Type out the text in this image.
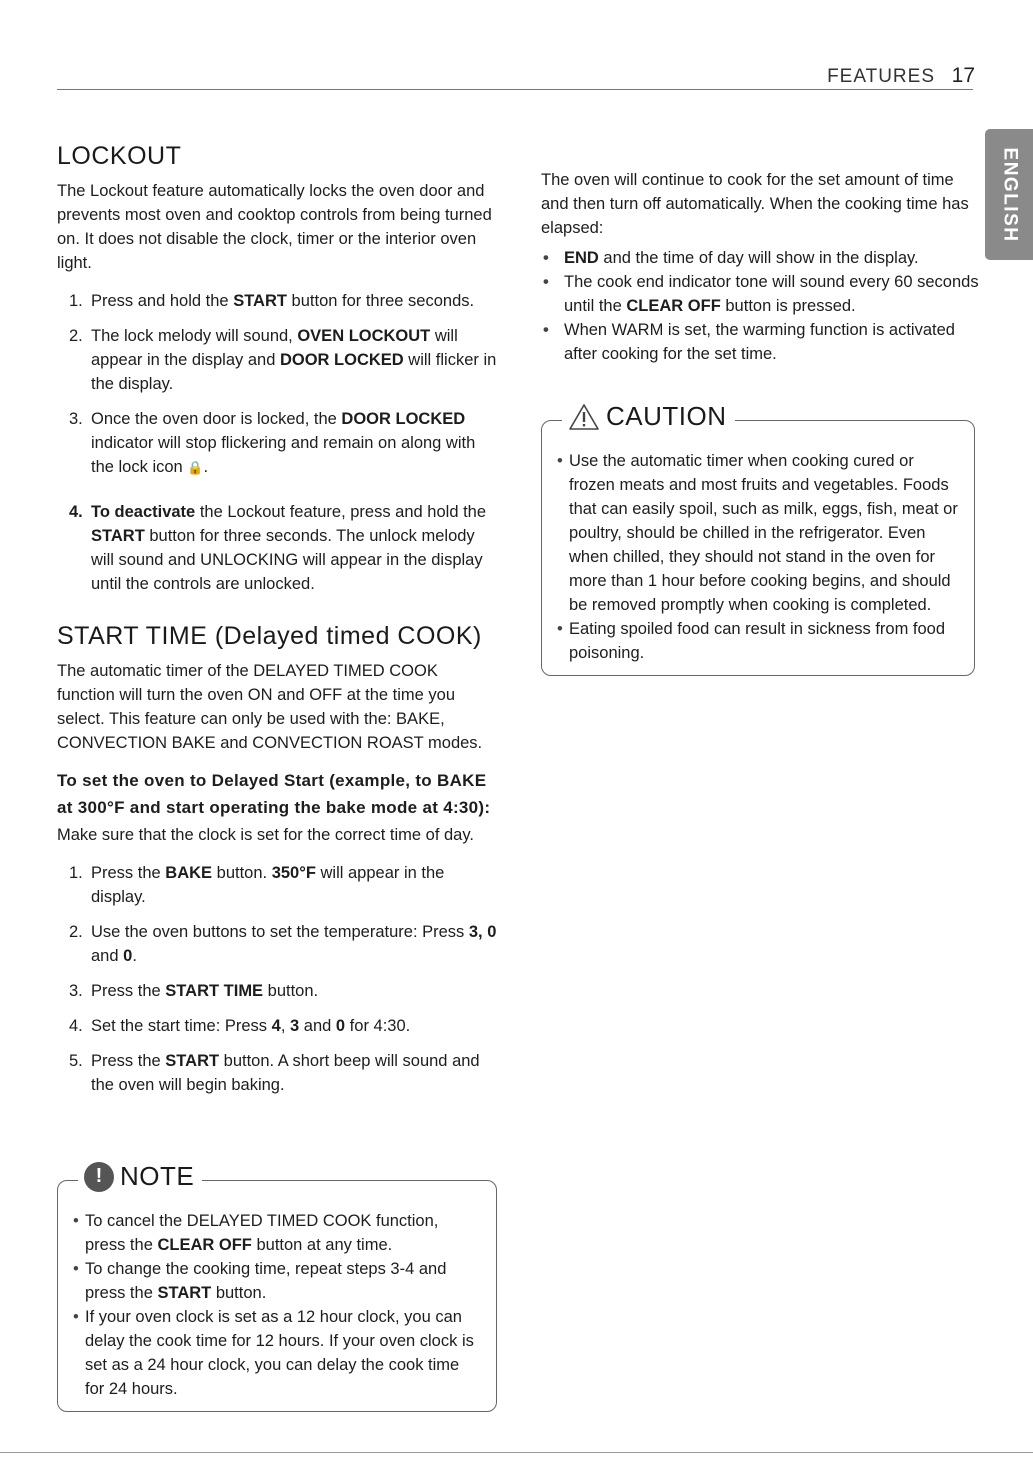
FEATURES 17
ENGLISH
LOCKOUT

The Lockout feature automatically locks the oven door and prevents most oven and cooktop controls from being turned on. It does not disable the clock, timer or the interior oven light.

1. Press and hold the START button for three seconds.
2. The lock melody will sound, OVEN LOCKOUT will appear in the display and DOOR LOCKED will flicker in the display.
3. Once the oven door is locked, the DOOR LOCKED indicator will stop flickering and remain on along with the lock icon 🔒.
4. To deactivate the Lockout feature, press and hold the START button for three seconds. The unlock melody will sound and UNLOCKING will appear in the display until the controls are unlocked.
START TIME (Delayed timed COOK)

The automatic timer of the DELAYED TIMED COOK function will turn the oven ON and OFF at the time you select. This feature can only be used with the: BAKE, CONVECTION BAKE and CONVECTION ROAST modes.

To set the oven to Delayed Start (example, to BAKE at 300°F and start operating the bake mode at 4:30):

Make sure that the clock is set for the correct time of day.

1. Press the BAKE button. 350°F will appear in the display.
2. Use the oven buttons to set the temperature: Press 3, 0 and 0.
3. Press the START TIME button.
4. Set the start time: Press 4, 3 and 0 for 4:30.
5. Press the START button. A short beep will sound and the oven will begin baking.
! NOTE
• To cancel the DELAYED TIMED COOK function, press the CLEAR OFF button at any time.
• To change the cooking time, repeat steps 3-4 and press the START button.
• If your oven clock is set as a 12 hour clock, you can delay the cook time for 12 hours. If your oven clock is set as a 24 hour clock, you can delay the cook time for 24 hours.

The oven will continue to cook for the set amount of time and then turn off automatically. When the cooking time has elapsed:

• END and the time of day will show in the display.
• The cook end indicator tone will sound every 60 seconds until the CLEAR OFF button is pressed.
• When WARM is set, the warming function is activated after cooking for the set time.
CAUTION
• Use the automatic timer when cooking cured or frozen meats and most fruits and vegetables. Foods that can easily spoil, such as milk, eggs, fish, meat or poultry, should be chilled in the refrigerator. Even when chilled, they should not stand in the oven for more than 1 hour before cooking begins, and should be removed promptly when cooking is completed.
• Eating spoiled food can result in sickness from food poisoning.
